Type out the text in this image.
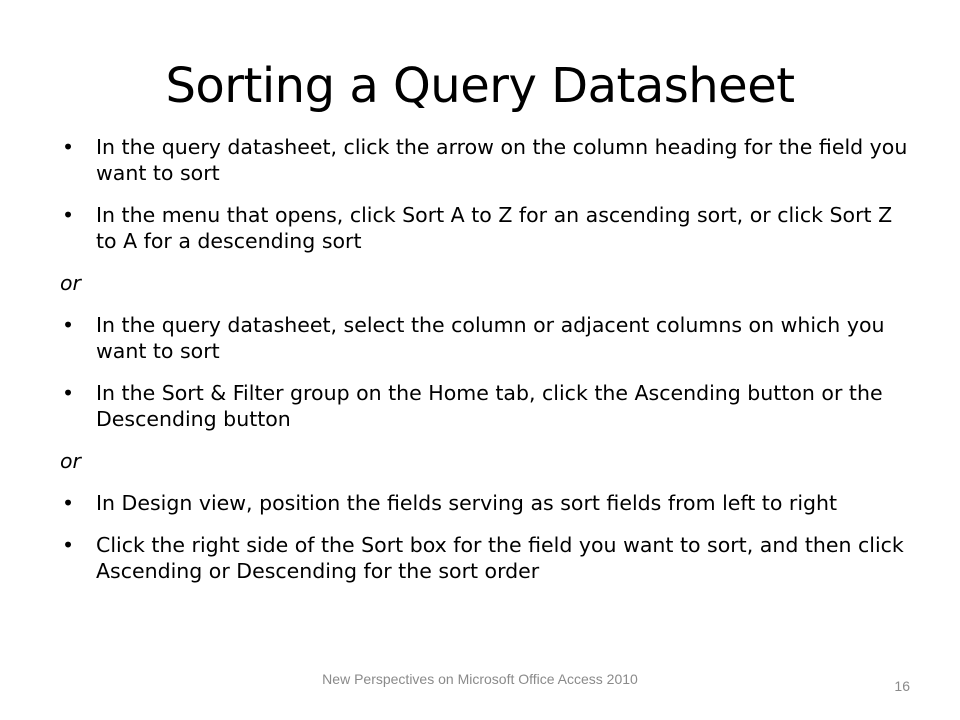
Sorting a Query Datasheet
• In the query datasheet, click the arrow on the column heading for the field you want to sort
• In the menu that opens, click Sort A to Z for an ascending sort, or click Sort Z to A for a descending sort
or
• In the query datasheet, select the column or adjacent columns on which you want to sort
• In the Sort & Filter group on the Home tab, click the Ascending button or the Descending button
or
• In Design view, position the fields serving as sort fields from left to right
• Click the right side of the Sort box for the field you want to sort, and then click Ascending or Descending for the sort order
New Perspectives on Microsoft Office Access 2010	16
